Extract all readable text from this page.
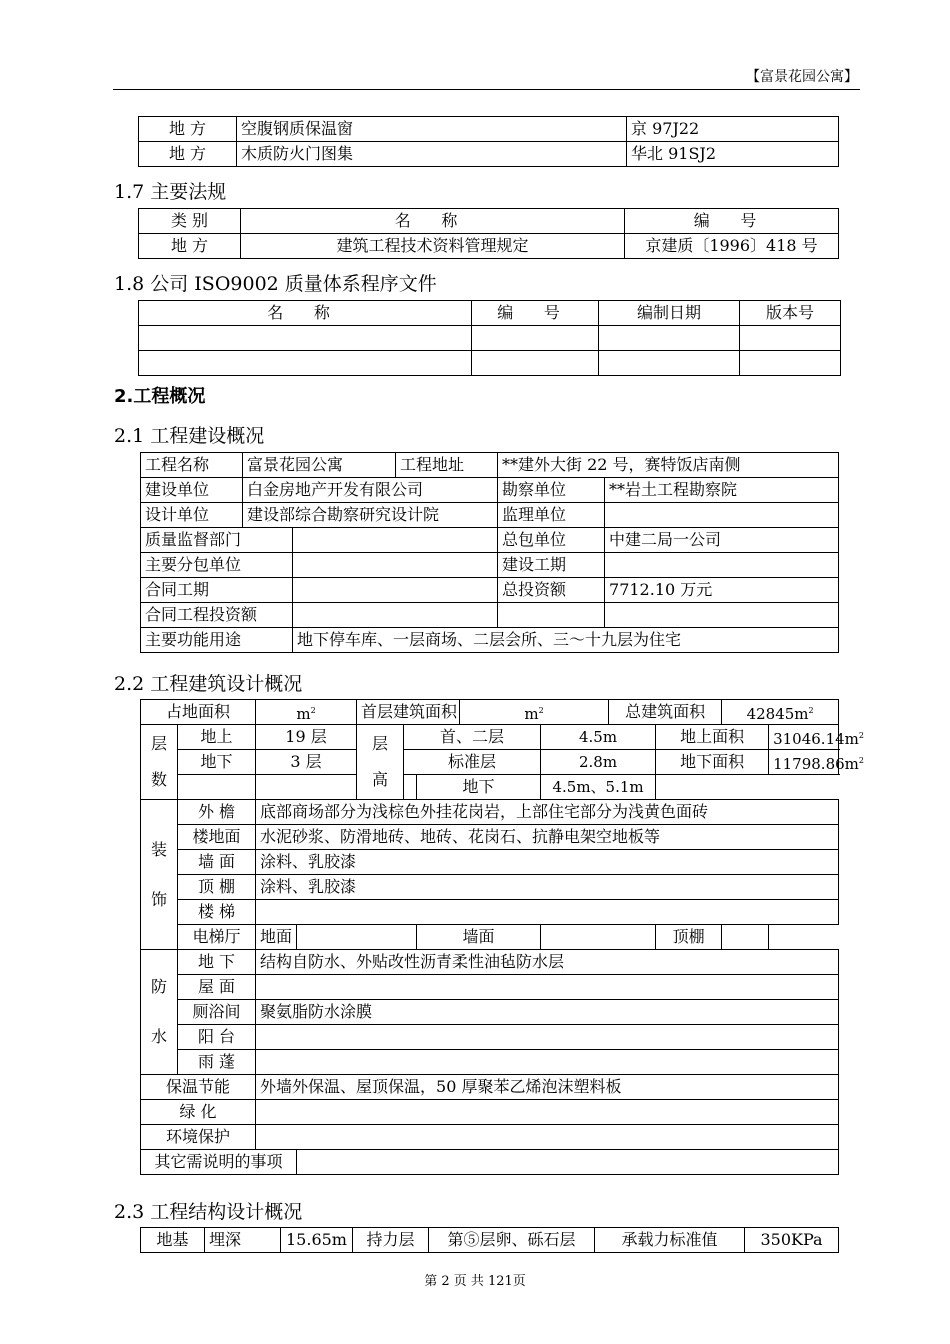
【富景花园公寓】
地 方	空腹钢质保温窗	京 97J22
地 方	木质防火门图集	华北 91SJ2
1.7 主要法规
类 别	名 称	编 号
地 方	建筑工程技术资料管理规定	京建质〔1996〕418 号
1.8 公司 ISO9002 质量体系程序文件
名 称	编 号	编制日期	版本号

2.工程概况
2.1 工程建设概况
工程名称	富景花园公寓		工程地址	**建外大街 22 号，赛特饭店南侧	
建设单位	白金房地产开发有限公司			勘察单位	**岩土工程勘察院
设计单位	建设部综合勘察研究设计院			监理单位	
质量监督部门				总包单位	中建二局一公司
主要分包单位				建设工期	
合同工期				总投资额	7712.10 万元
合同工程投资额					
主要功能用途		地下停车库、一层商场、二层会所、三～十九层为住宅			
2.2 工程建筑设计概况
占地面积		$m^2$		首层建筑面积			$m^2$		总建筑面积		$42845m^2$
层数	地上	19 层		层高	首、二层			4.5m		地上面积		$31046.14m^2$
	地下	3 层			标准层			2.8m		地下面积		$11798.86m^2$
						地下		4.5m、5.1m				
装饰	外 檐	底部商场部分为浅棕色外挂花岗岩，上部住宅部分为浅黄色面砖										
	楼地面	水泥砂浆、防滑地砖、地砖、花岗石、抗静电架空地板等										
	墙 面	涂料、乳胶漆										
	顶 棚	涂料、乳胶漆										
	楼 梯											
	电梯厅	地面				墙面				顶棚		
防水	地 下	结构自防水、外贴改性沥青柔性油毡防水层										
	屋 面											
	厕浴间	聚氨脂防水涂膜										
	阳 台											
	雨 蓬											
保温节能		外墙外保温、屋顶保温，50 厚聚苯乙烯泡沫塑料板										
绿 化												
环境保护												
其它需说明的事项												
2.3 工程结构设计概况
地基	埋深	15.65m	持力层	第⑤层卵、砾石层	承载力标准值	350KPa
第 2 页 共 121页
